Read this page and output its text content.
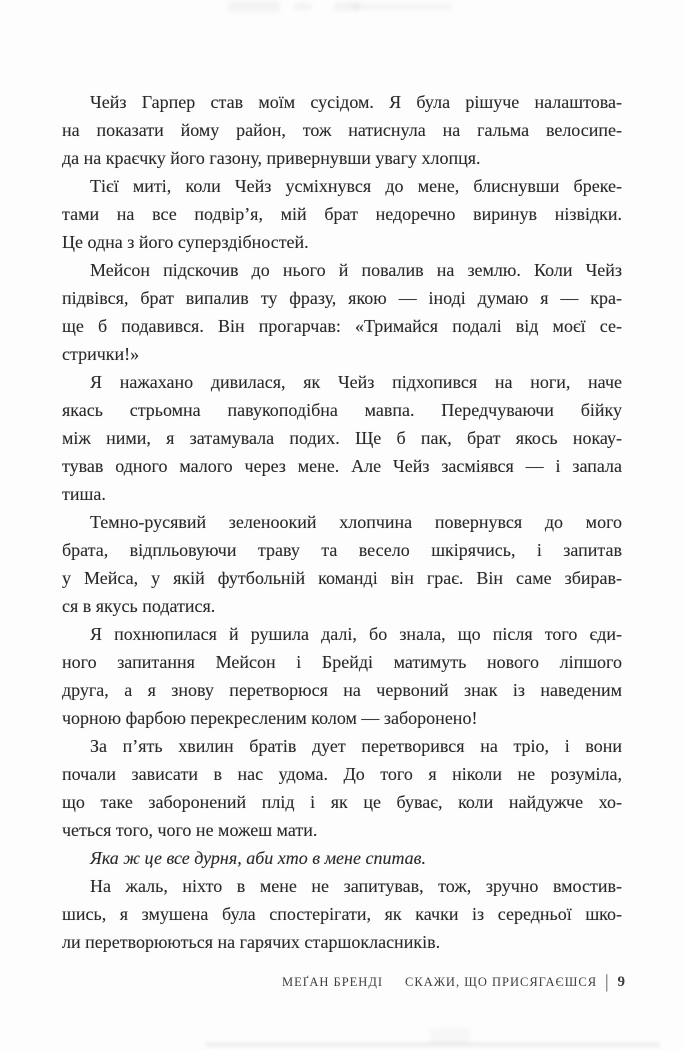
Чейз Гарпер став моїм сусідом. Я була рішуче налаштова-
на показати йому район, тож натиснула на гальма велосипе-
да на краєчку його газону, привернувши увагу хлопця.
Тієї миті, коли Чейз усміхнувся до мене, блиснувши бреке-
тами на все подвір’я, мій брат недоречно виринув нізвідки.
Це одна з його суперздібностей.
Мейсон підскочив до нього й повалив на землю. Коли Чейз
підвівся, брат випалив ту фразу, якою — іноді думаю я — кра-
ще б подавився. Він прогарчав: «Тримайся подалі від моєї се-
стрички!»
Я нажахано дивилася, як Чейз підхопився на ноги, наче
якась стрьомна павукоподібна мавпа. Передчуваючи бійку
між ними, я затамувала подих. Ще б пак, брат якось нокау-
тував одного малого через мене. Але Чейз засміявся — і запала
тиша.
Темно-русявий зеленоокий хлопчина повернувся до мого
брата, відпльовуючи траву та весело шкірячись, і запитав
у Мейса, у якій футбольній команді він грає. Він саме збирав-
ся в якусь податися.
Я похнюпилася й рушила далі, бо знала, що після того єди-
ного запитання Мейсон і Брейді матимуть нового ліпшого
друга, а я знову перетворюся на червоний знак із наведеним
чорною фарбою перекресленим колом — заборонено!
За п’ять хвилин братів дует перетворився на тріо, і вони
почали зависати в нас удома. До того я ніколи не розуміла,
що таке заборонений плід і як це буває, коли найдужче хо-
четься того, чого не можеш мати.
Яка ж це все дурня, аби хто в мене спитав.
На жаль, ніхто в мене не запитував, тож, зручно вмостив-
шись, я змушена була спостерігати, як качки із середньої шко-
ли перетворюються на гарячих старшокласників.
МЕҐАН БРЕНДІ СКАЖИ, ЩО ПРИСЯГАЄШСЯ | 9
